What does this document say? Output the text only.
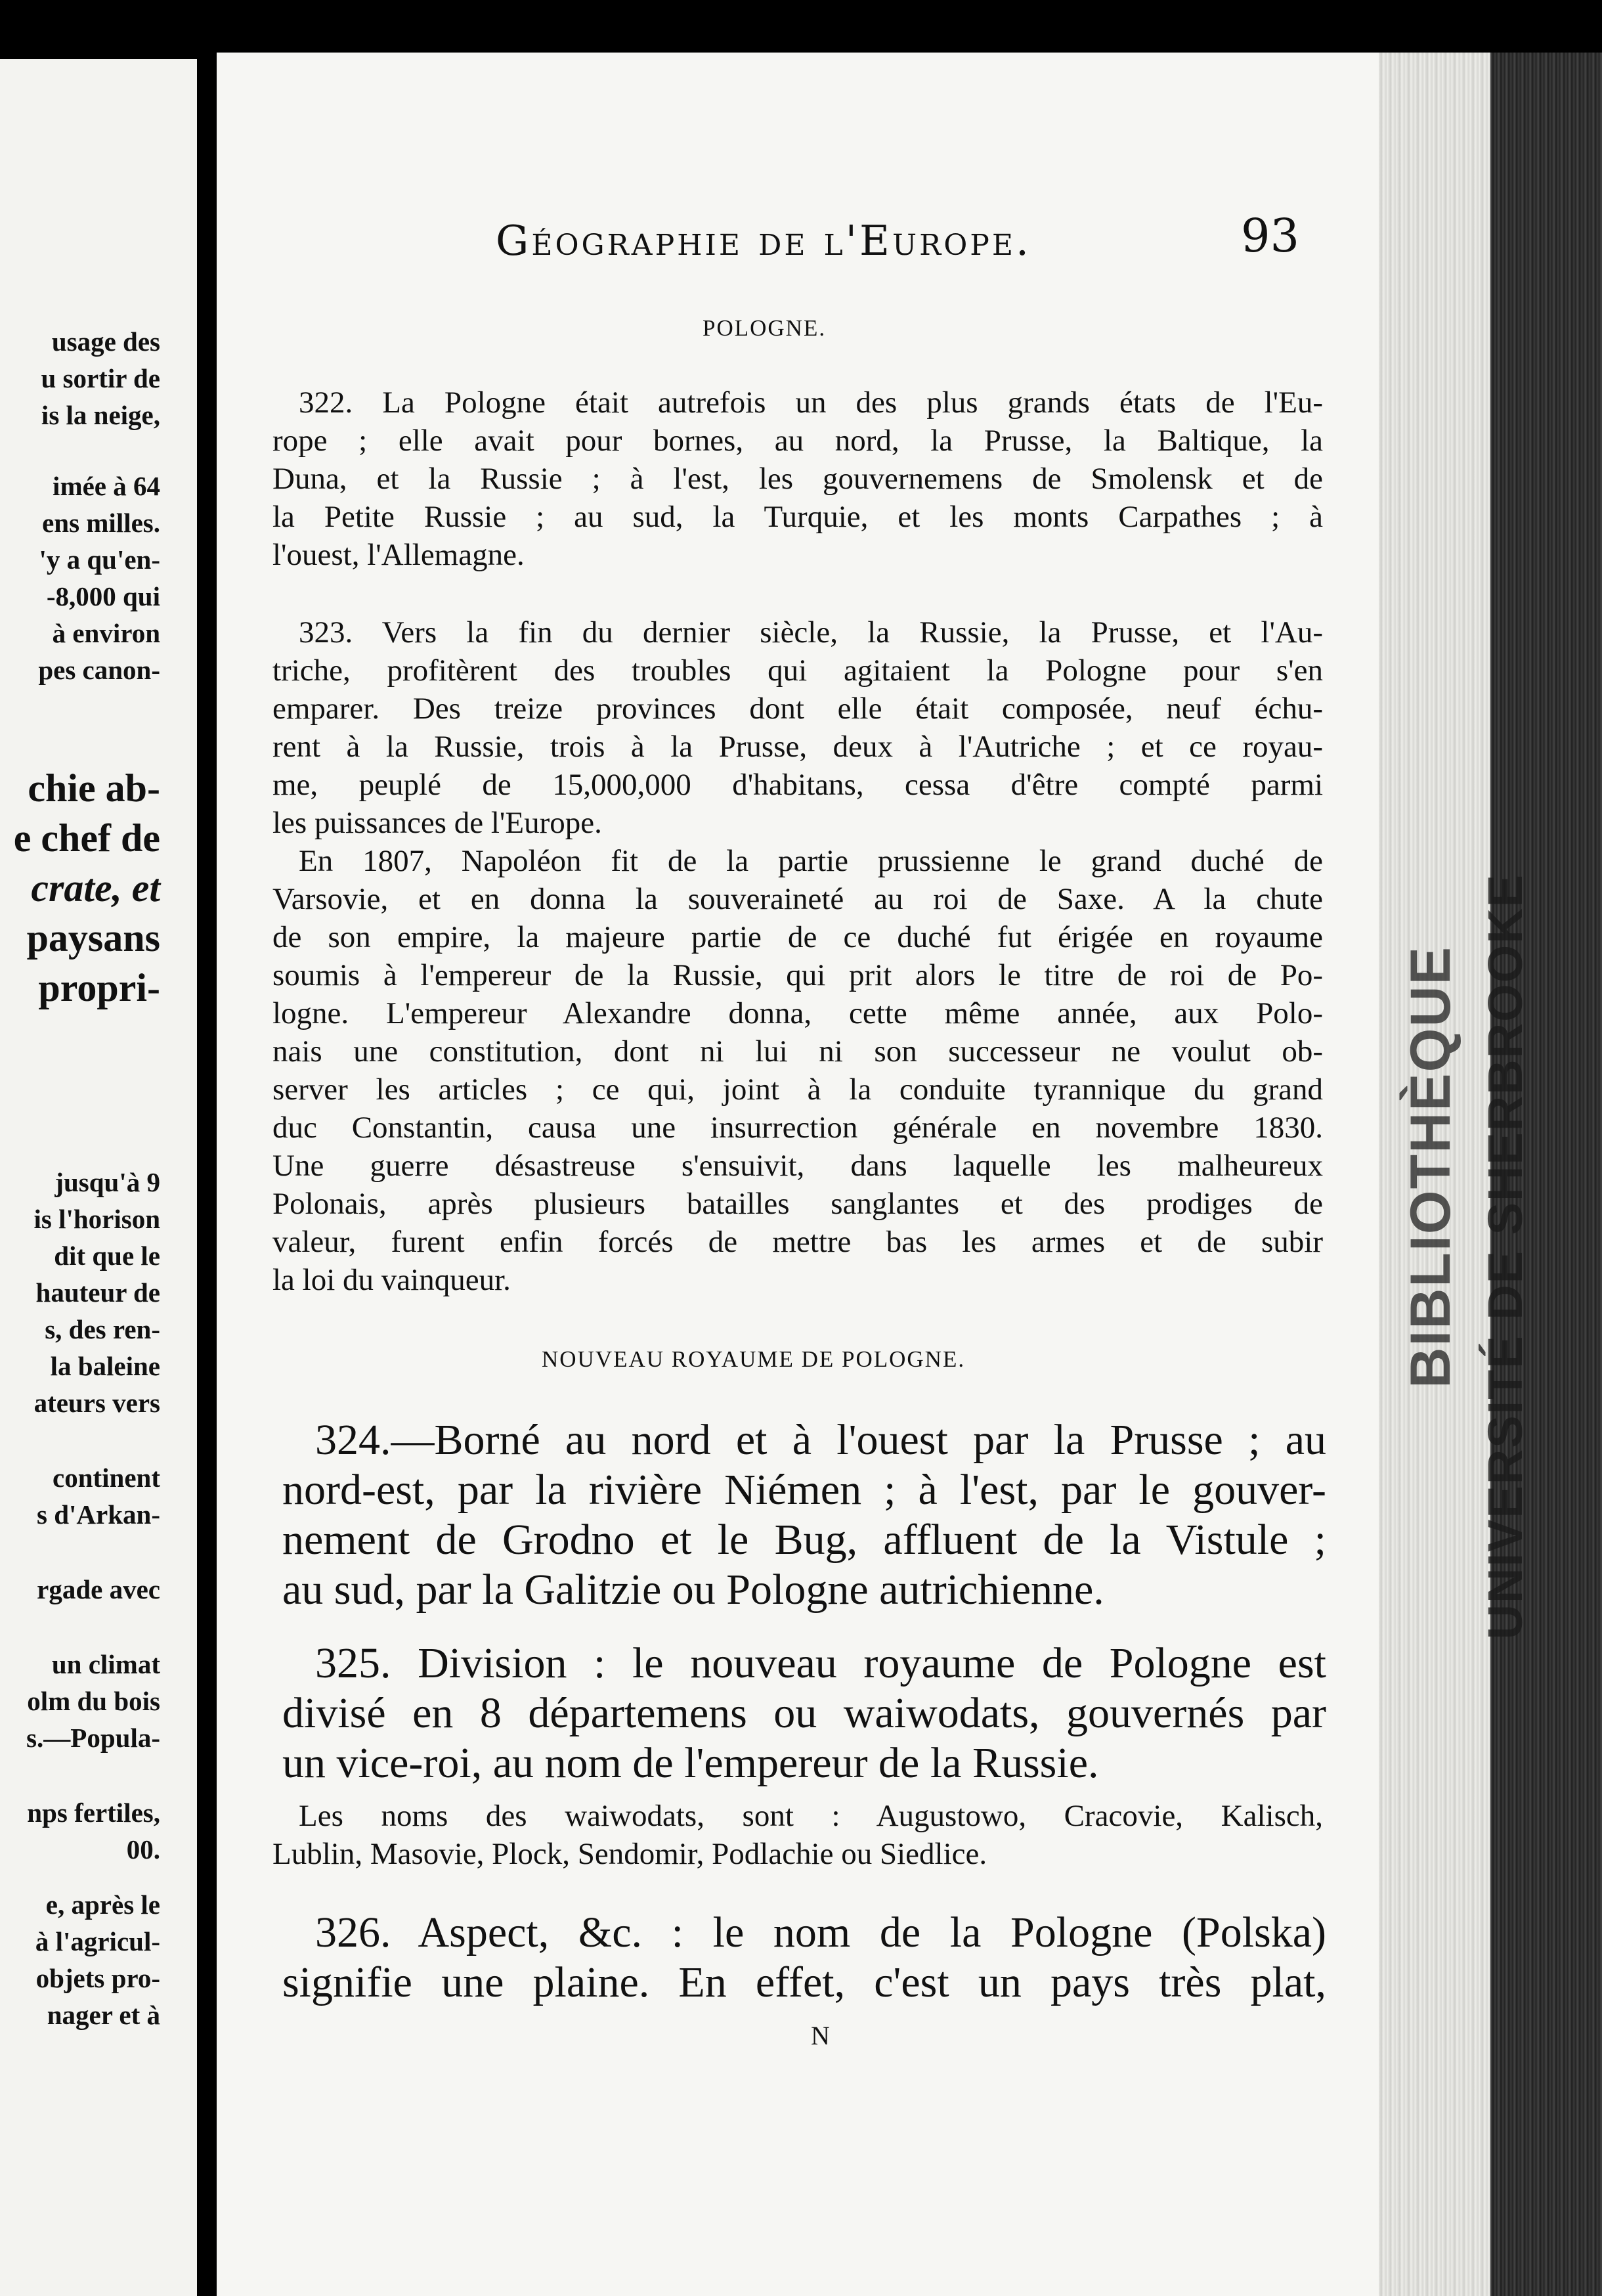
usage des
u sortir de
is la neige,
imée à 64
ens milles.
'y a qu'en-
-8,000 qui
à environ
pes canon-
chie ab-
e chef de
crate, et
paysans
propri-
jusqu'à 9
is l'horison
dit que le
hauteur de
s, des ren-
la baleine
ateurs vers
continent
s d'Arkan-
rgade avec
un climat
olm du bois
s.—Popula-
nps fertiles,
00.
e, après le
à l'agricul-
objets pro-
nager et à
Géographie de l'Europe.	93
POLOGNE.
322. La Pologne était autrefois un des plus grands états de l'Eu-
rope ; elle avait pour bornes, au nord, la Prusse, la Baltique, la
Duna, et la Russie ; à l'est, les gouvernemens de Smolensk et de
la Petite Russie ; au sud, la Turquie, et les monts Carpathes ; à
l'ouest, l'Allemagne.
323. Vers la fin du dernier siècle, la Russie, la Prusse, et l'Au-
triche, profitèrent des troubles qui agitaient la Pologne pour s'en
emparer. Des treize provinces dont elle était composée, neuf échu-
rent à la Russie, trois à la Prusse, deux à l'Autriche ; et ce royau-
me, peuplé de 15,000,000 d'habitans, cessa d'être compté parmi
les puissances de l'Europe.
En 1807, Napoléon fit de la partie prussienne le grand duché de
Varsovie, et en donna la souveraineté au roi de Saxe. A la chute
de son empire, la majeure partie de ce duché fut érigée en royaume
soumis à l'empereur de la Russie, qui prit alors le titre de roi de Po-
logne. L'empereur Alexandre donna, cette même année, aux Polo-
nais une constitution, dont ni lui ni son successeur ne voulut ob-
server les articles ; ce qui, joint à la conduite tyrannique du grand
duc Constantin, causa une insurrection générale en novembre 1830.
Une guerre désastreuse s'ensuivit, dans laquelle les malheureux
Polonais, après plusieurs batailles sanglantes et des prodiges de
valeur, furent enfin forcés de mettre bas les armes et de subir
la loi du vainqueur.
NOUVEAU ROYAUME DE POLOGNE.
324.—Borné au nord et à l'ouest par la Prusse ; au
nord-est, par la rivière Niémen ; à l'est, par le gouver-
nement de Grodno et le Bug, affluent de la Vistule ;
au sud, par la Galitzie ou Pologne autrichienne.
325. Division : le nouveau royaume de Pologne est
divisé en 8 départemens ou waiwodats, gouvernés par
un vice-roi, au nom de l'empereur de la Russie.
Les noms des waiwodats, sont : Augustowo, Cracovie, Kalisch,
Lublin, Masovie, Plock, Sendomir, Podlachie ou Siedlice.
326. Aspect, &c. : le nom de la Pologne (Polska)
signifie une plaine. En effet, c'est un pays très plat,
N
BIBLIOTHÈQUE UNIVERSITÉ DE SHERBROOKE
